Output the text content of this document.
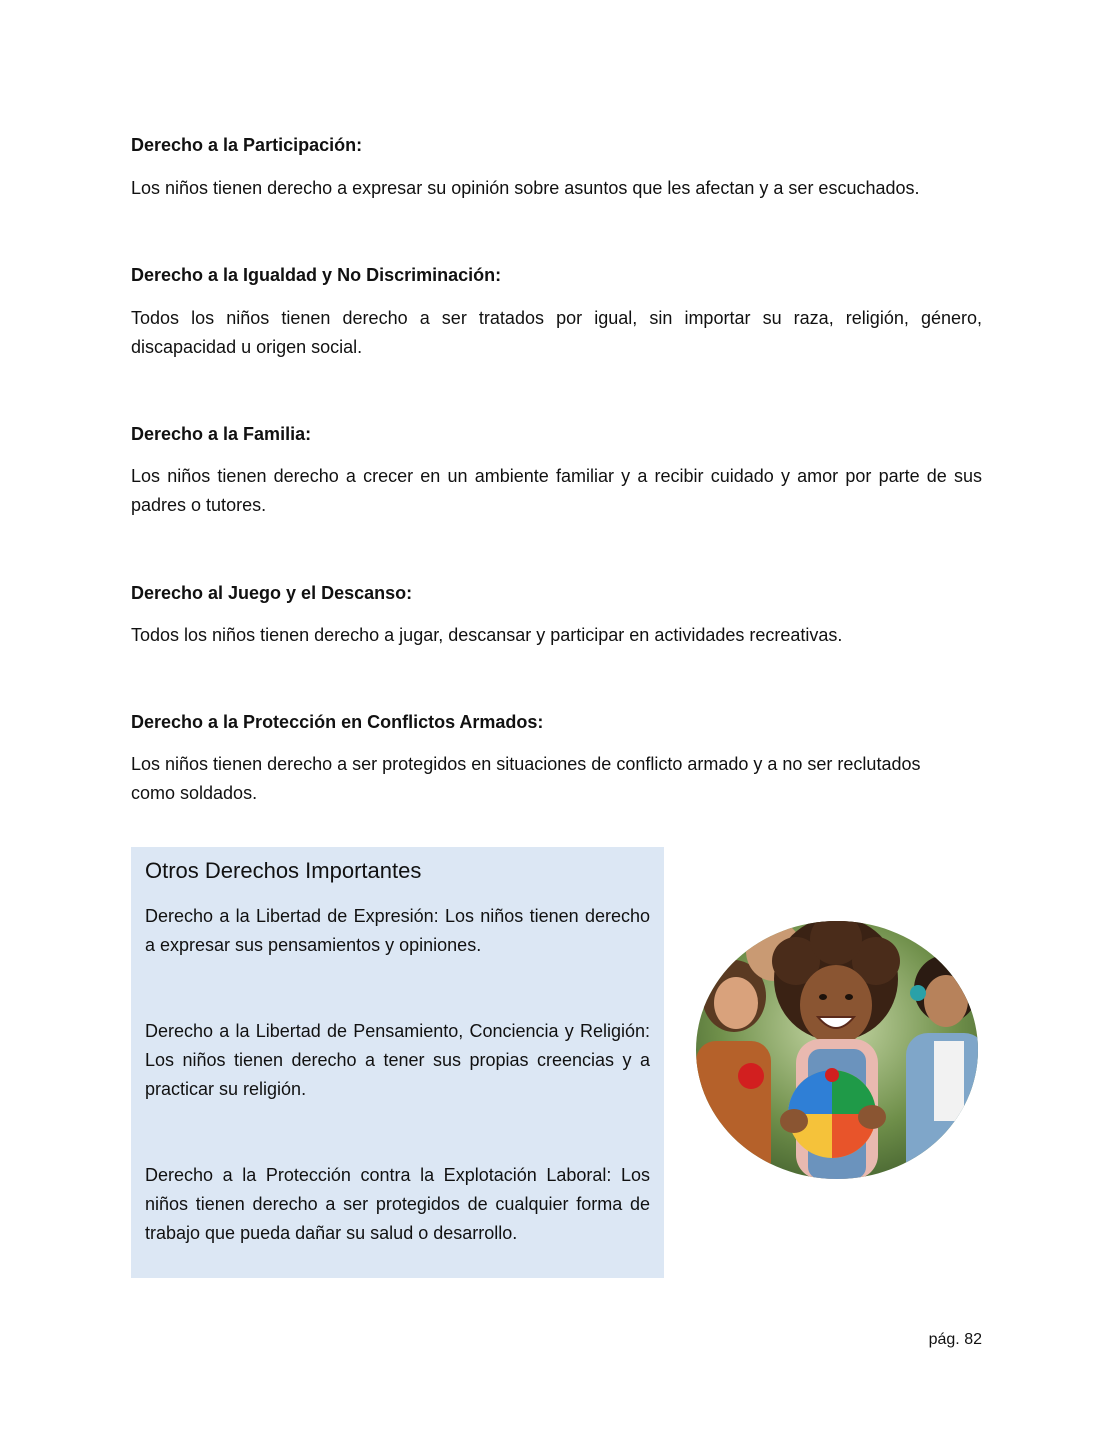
Derecho a la Participación:

Los niños tienen derecho a expresar su opinión sobre asuntos que les afectan y a ser escuchados.

Derecho a la Igualdad y No Discriminación:

Todos los niños tienen derecho a ser tratados por igual, sin importar su raza, religión, género, discapacidad u origen social.

Derecho a la Familia:

Los niños tienen derecho a crecer en un ambiente familiar y a recibir cuidado y amor por parte de sus padres o tutores.

Derecho al Juego y el Descanso:

Todos los niños tienen derecho a jugar, descansar y participar en actividades recreativas.

Derecho a la Protección en Conflictos Armados:

Los niños tienen derecho a ser protegidos en situaciones de conflicto armado y a no ser reclutados como soldados.

Otros Derechos Importantes

Derecho a la Libertad de Expresión: Los niños tienen derecho a expresar sus pensamientos y opiniones.

Derecho a la Libertad de Pensamiento, Conciencia y Religión: Los niños tienen derecho a tener sus propias creencias y a practicar su religión.

Derecho a la Protección contra la Explotación Laboral: Los niños tienen derecho a ser protegidos de cualquier forma de trabajo que pueda dañar su salud o desarrollo.

pág. 82
